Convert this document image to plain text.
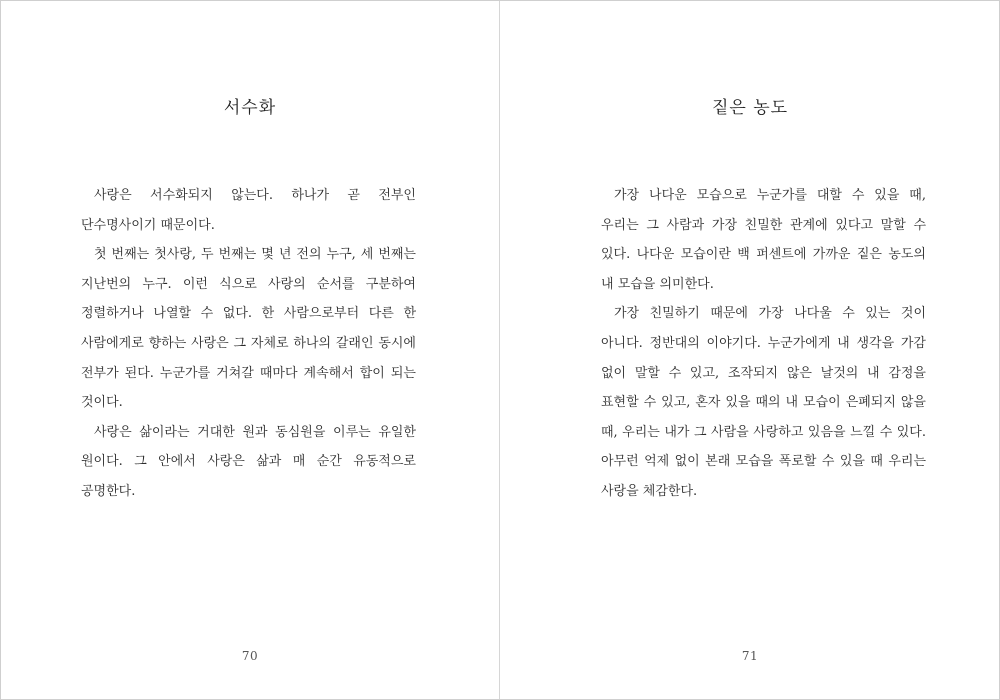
서수화

사랑은 서수화되지 않는다. 하나가 곧 전부인 단수명사이기 때문이다.

첫 번째는 첫사랑, 두 번째는 몇 년 전의 누구, 세 번째는 지난번의 누구. 이런 식으로 사랑의 순서를 구분하여 정렬하거나 나열할 수 없다. 한 사람으로부터 다른 한 사람에게로 향하는 사랑은 그 자체로 하나의 갈래인 동시에 전부가 된다. 누군가를 거쳐갈 때마다 계속해서 합이 되는 것이다.

사랑은 삶이라는 거대한 원과 동심원을 이루는 유일한 원이다. 그 안에서 사랑은 삶과 매 순간 유동적으로 공명한다.

70
짙은 농도

가장 나다운 모습으로 누군가를 대할 수 있을 때, 우리는 그 사람과 가장 친밀한 관계에 있다고 말할 수 있다. 나다운 모습이란 백 퍼센트에 가까운 짙은 농도의 내 모습을 의미한다.

가장 친밀하기 때문에 가장 나다울 수 있는 것이 아니다. 정반대의 이야기다. 누군가에게 내 생각을 가감 없이 말할 수 있고, 조작되지 않은 날것의 내 감정을 표현할 수 있고, 혼자 있을 때의 내 모습이 은폐되지 않을 때, 우리는 내가 그 사람을 사랑하고 있음을 느낄 수 있다. 아무런 억제 없이 본래 모습을 폭로할 수 있을 때 우리는 사랑을 체감한다.

71
